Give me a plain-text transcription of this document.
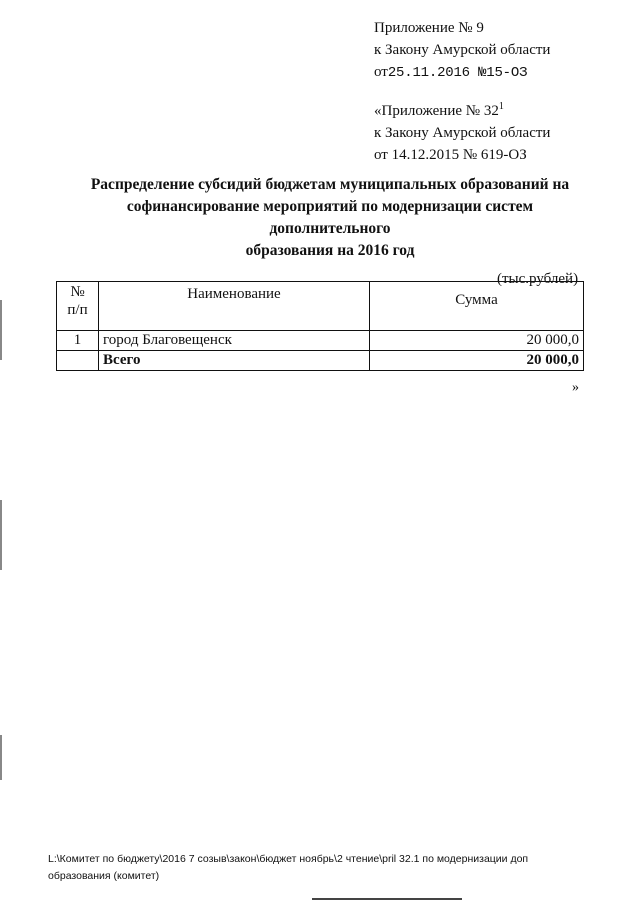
Приложение № 9
к Закону Амурской области
от25.11.2016 №15-ОЗ
«Приложение № $32^1$
к Закону Амурской области
от 14.12.2015 № 619-ОЗ
Распределение субсидий бюджетам муниципальных образований на
софинансирование мероприятий по модернизации систем дополнительного
образования на 2016 год
(тыс.рублей)
№
п/п	Наименование	Сумма
1	город Благовещенск	20 000,0
	Всего	20 000,0
»
L:\Комитет по бюджету\2016 7 созыв\закон\бюджет ноябрь\2 чтение\pril 32.1 по модернизации доп
образования (комитет)
